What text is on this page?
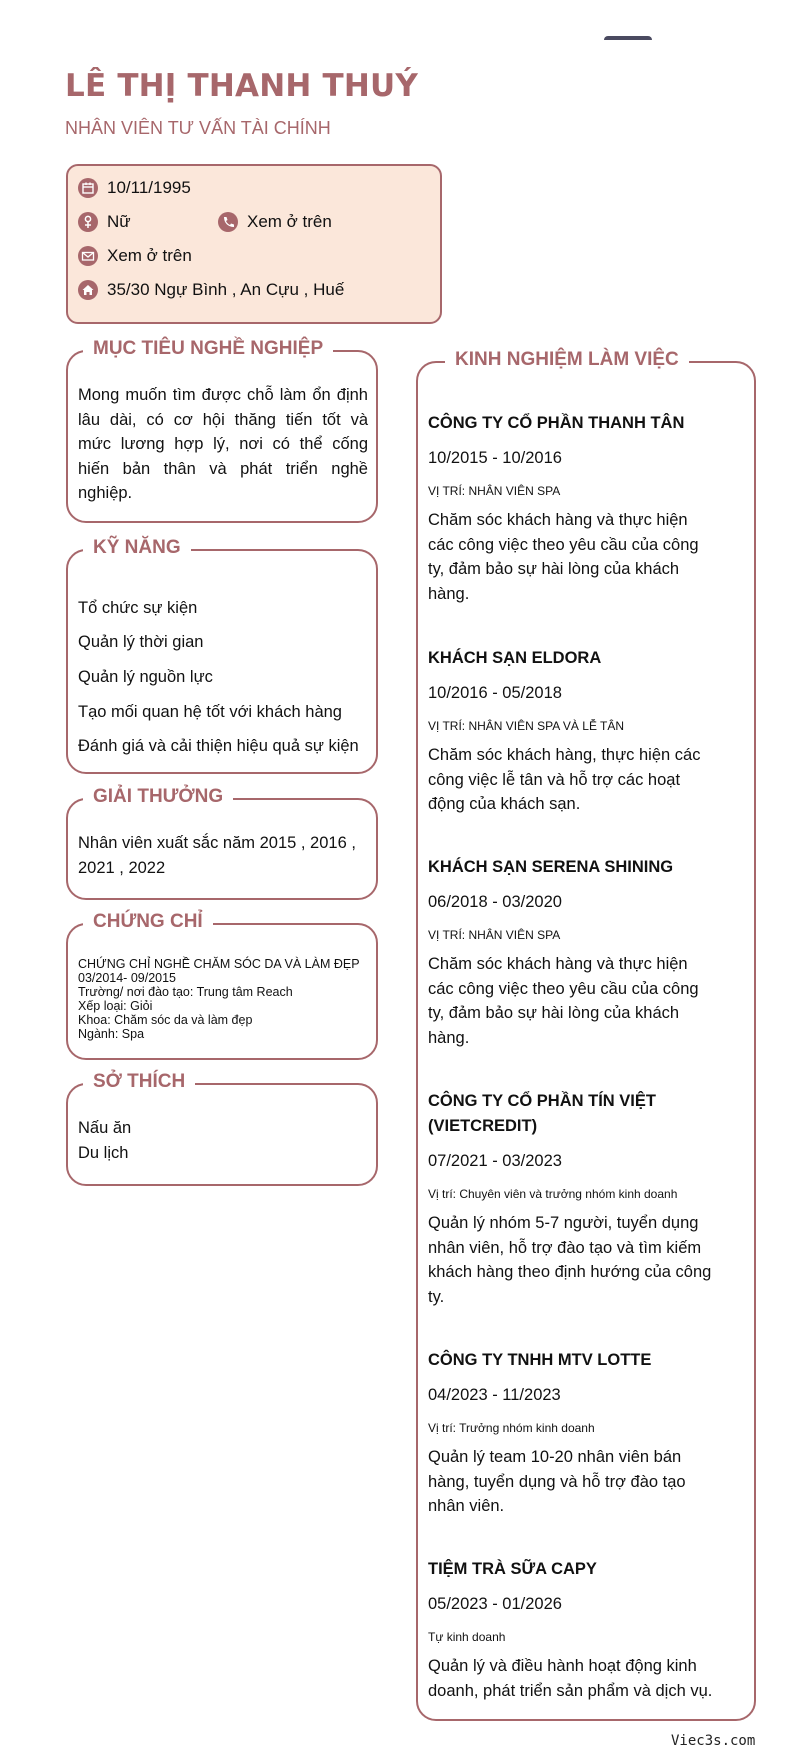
LÊ THỊ THANH THUÝ

NHÂN VIÊN TƯ VẤN TÀI CHÍNH

10/11/1995
Nữ	Xem ở trên
Xem ở trên
35/30 Ngự Bình , An Cựu , Huế
MỤC TIÊU NGHỀ NGHIỆP
Mong muốn tìm được chỗ làm ổn định
lâu dài, có cơ hội thăng tiến tốt và
mức lương hợp lý, nơi có thể cống
hiến bản thân và phát triển nghề
nghiệp.
KỸ NĂNG
Tổ chức sự kiện
Quản lý thời gian
Quản lý nguồn lực
Tạo mối quan hệ tốt với khách hàng
Đánh giá và cải thiện hiệu quả sự kiện
GIẢI THƯỞNG
Nhân viên xuất sắc năm 2015 , 2016 ,
2021 , 2022
CHỨNG CHỈ
CHỨNG CHỈ NGHỀ CHĂM SÓC DA VÀ LÀM ĐẸP
03/2014- 09/2015
Trường/ nơi đào tạo: Trung tâm Reach
Xếp loại: Giỏi
Khoa: Chăm sóc da và làm đẹp
Ngành: Spa
SỞ THÍCH
Nấu ăn
Du lịch
KINH NGHIỆM LÀM VIỆC

CÔNG TY CỔ PHẦN THANH TÂN

10/2015 - 10/2016

VỊ TRÍ: NHÂN VIÊN SPA

Chăm sóc khách hàng và thực hiện
các công việc theo yêu cầu của công
ty, đảm bảo sự hài lòng của khách
hàng.

KHÁCH SẠN ELDORA

10/2016 - 05/2018

VỊ TRÍ: NHÂN VIÊN SPA VÀ LỄ TÂN

Chăm sóc khách hàng, thực hiện các
công việc lễ tân và hỗ trợ các hoạt
động của khách sạn.

KHÁCH SẠN SERENA SHINING

06/2018 - 03/2020

VỊ TRÍ: NHÂN VIÊN SPA

Chăm sóc khách hàng và thực hiện
các công việc theo yêu cầu của công
ty, đảm bảo sự hài lòng của khách
hàng.

CÔNG TY CỔ PHẦN TÍN VIỆT (VIETCREDIT)

07/2021 - 03/2023

Vị trí: Chuyên viên và trưởng nhóm kinh doanh

Quản lý nhóm 5-7 người, tuyển dụng
nhân viên, hỗ trợ đào tạo và tìm kiếm
khách hàng theo định hướng của công
ty.

CÔNG TY TNHH MTV LOTTE

04/2023 - 11/2023

Vị trí: Trưởng nhóm kinh doanh

Quản lý team 10-20 nhân viên bán
hàng, tuyển dụng và hỗ trợ đào tạo
nhân viên.

TIỆM TRÀ SỮA CAPY

05/2023 - 01/2026

Tự kinh doanh

Quản lý và điều hành hoạt động kinh
doanh, phát triển sản phẩm và dịch vụ.

Viec3s.com
